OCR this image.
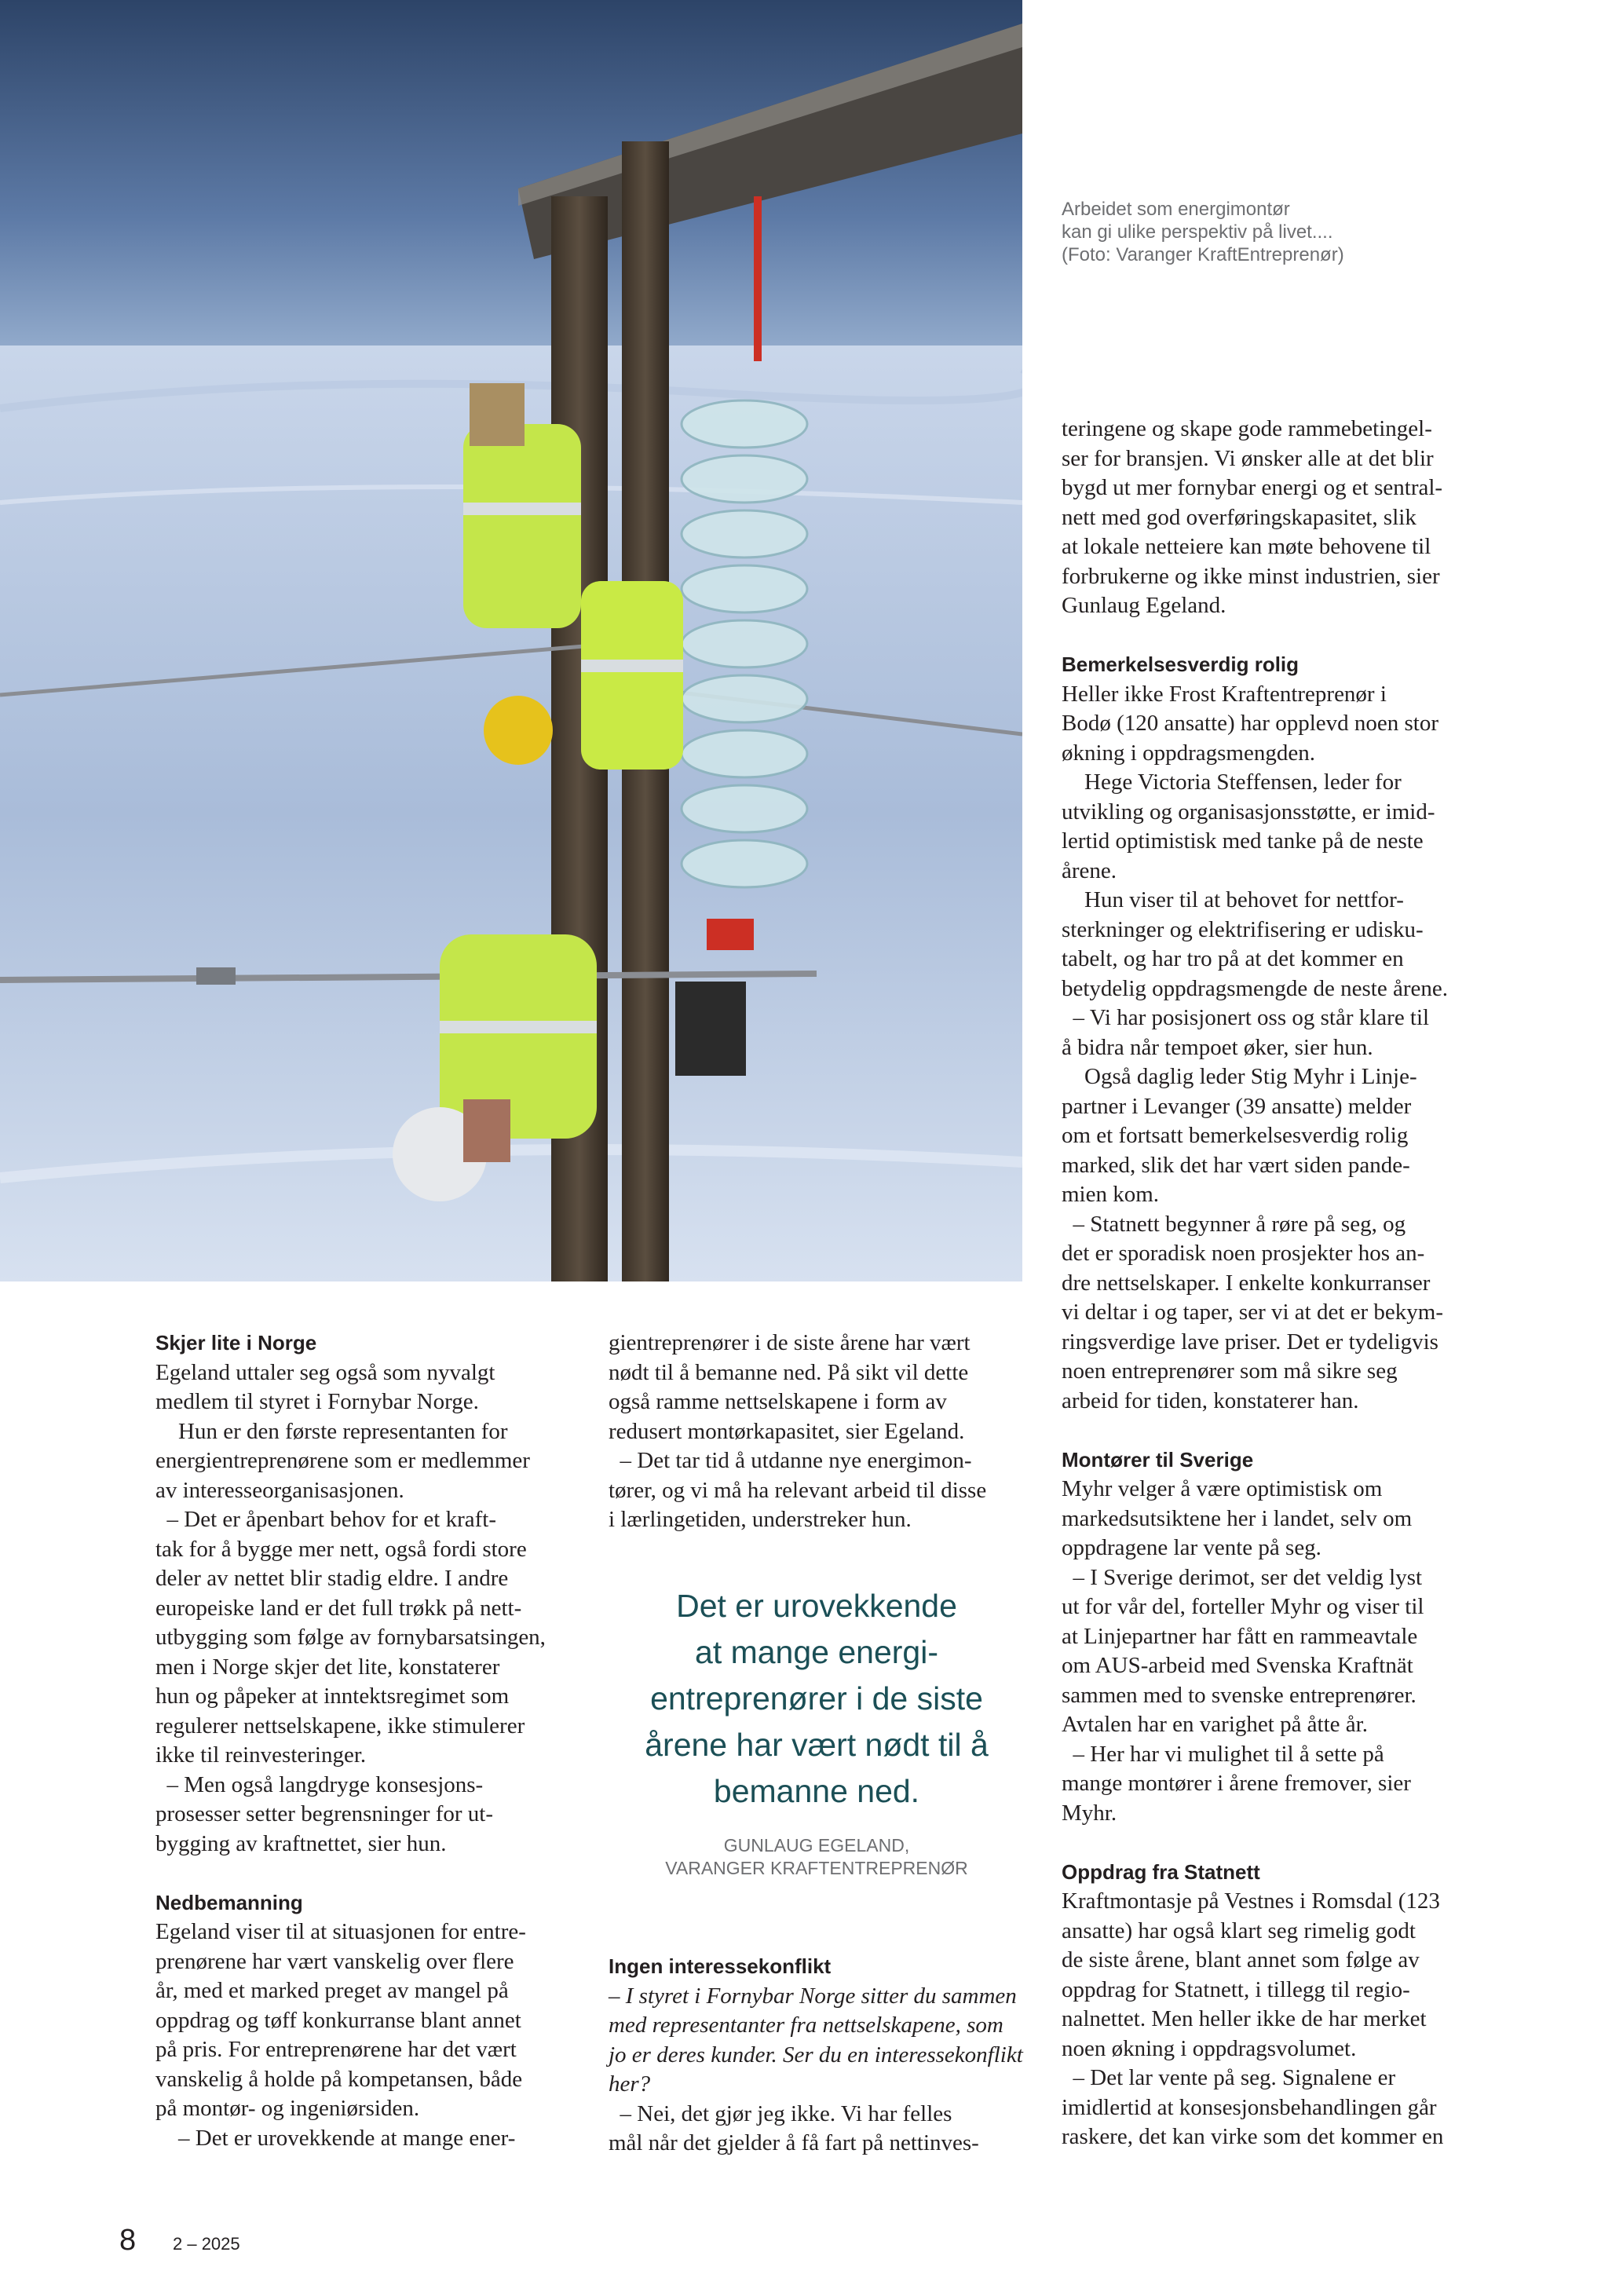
Arbeidet som energimontør
kan gi ulike perspektiv på livet....
(Foto: Varanger KraftEntreprenør)
Skjer lite i Norge
Egeland uttaler seg også som nyvalgt
medlem til styret i Fornybar Norge.
Hun er den første representanten for
energientreprenørene som er medlemmer
av interesseorganisasjonen.
– Det er åpenbart behov for et kraft-
tak for å bygge mer nett, også fordi store
deler av nettet blir stadig eldre. I andre
europeiske land er det full trøkk på nett-
utbygging som følge av fornybarsatsingen,
men i Norge skjer det lite, konstaterer
hun og påpeker at inntektsregimet som
regulerer nettselskapene, ikke stimulerer
ikke til reinvesteringer.
– Men også langdryge konsesjons-
prosesser setter begrensninger for ut-
bygging av kraftnettet, sier hun.
Nedbemanning
Egeland viser til at situasjonen for entre-
prenørene har vært vanskelig over flere
år, med et marked preget av mangel på
oppdrag og tøff konkurranse blant annet
på pris. For entreprenørene har det vært
vanskelig å holde på kompetansen, både
på montør- og ingeniørsiden.
– Det er urovekkende at mange ener-
gientreprenører i de siste årene har vært
nødt til å bemanne ned. På sikt vil dette
også ramme nettselskapene i form av
redusert montørkapasitet, sier Egeland.
– Det tar tid å utdanne nye energimon-
tører, og vi må ha relevant arbeid til disse
i lærlingetiden, understreker hun.
Det er urovekkende
at mange energi-
entreprenører i de siste
årene har vært nødt til å
bemanne ned.
GUNLAUG EGELAND,
VARANGER KRAFTENTREPRENØR
Ingen interessekonflikt
– I styret i Fornybar Norge sitter du sammen
med representanter fra nettselskapene, som
jo er deres kunder. Ser du en interessekonflikt
her?
– Nei, det gjør jeg ikke. Vi har felles
mål når det gjelder å få fart på nettinves-
teringene og skape gode rammebetingel-
ser for bransjen. Vi ønsker alle at det blir
bygd ut mer fornybar energi og et sentral-
nett med god overføringskapasitet, slik
at lokale netteiere kan møte behovene til
forbrukerne og ikke minst industrien, sier
Gunlaug Egeland.
Bemerkelsesverdig rolig
Heller ikke Frost Kraftentreprenør i
Bodø (120 ansatte) har opplevd noen stor
økning i oppdragsmengden.
Hege Victoria Steffensen, leder for
utvikling og organisasjonsstøtte, er imid-
lertid optimistisk med tanke på de neste
årene.
Hun viser til at behovet for nettfor-
sterkninger og elektrifisering er udisku-
tabelt, og har tro på at det kommer en
betydelig oppdragsmengde de neste årene.
– Vi har posisjonert oss og står klare til
å bidra når tempoet øker, sier hun.
Også daglig leder Stig Myhr i Linje-
partner i Levanger (39 ansatte) melder
om et fortsatt bemerkelsesverdig rolig
marked, slik det har vært siden pande-
mien kom.
– Statnett begynner å røre på seg, og
det er sporadisk noen prosjekter hos an-
dre nettselskaper. I enkelte konkurranser
vi deltar i og taper, ser vi at det er bekym-
ringsverdige lave priser. Det er tydeligvis
noen entreprenører som må sikre seg
arbeid for tiden, konstaterer han.
Montører til Sverige
Myhr velger å være optimistisk om
markedsutsiktene her i landet, selv om
oppdragene lar vente på seg.
– I Sverige derimot, ser det veldig lyst
ut for vår del, forteller Myhr og viser til
at Linjepartner har fått en rammeavtale
om AUS-arbeid med Svenska Kraftnät
sammen med to svenske entreprenører.
Avtalen har en varighet på åtte år.
– Her har vi mulighet til å sette på
mange montører i årene fremover, sier
Myhr.
Oppdrag fra Statnett
Kraftmontasje på Vestnes i Romsdal (123
ansatte) har også klart seg rimelig godt
de siste årene, blant annet som følge av
oppdrag for Statnett, i tillegg til regio-
nalnettet. Men heller ikke de har merket
noen økning i oppdragsvolumet.
– Det lar vente på seg. Signalene er
imidlertid at konsesjonsbehandlingen går
raskere, det kan virke som det kommer en
8 2 – 2025
